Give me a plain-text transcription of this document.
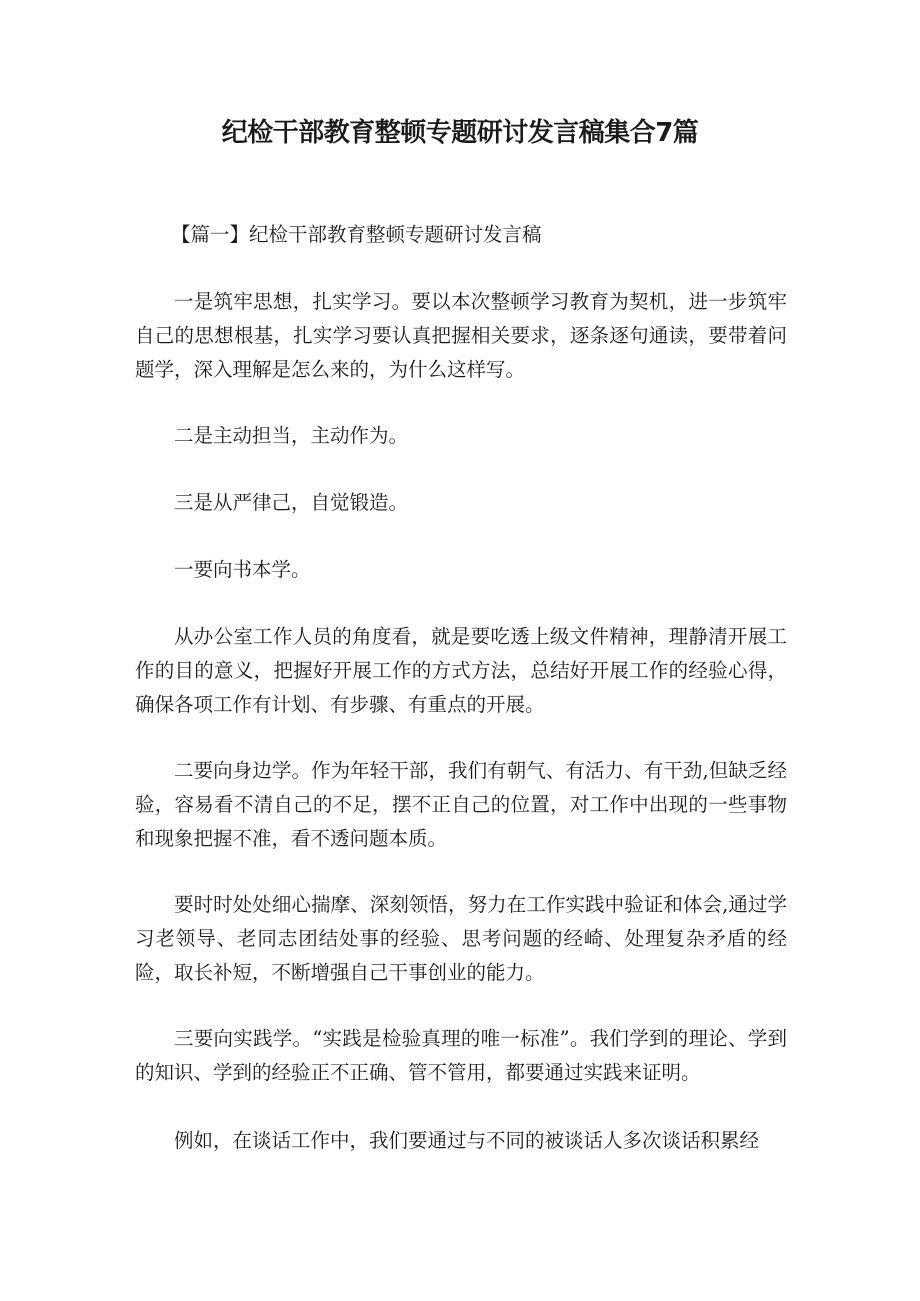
纪检干部教育整顿专题研讨发言稿集合7篇
【篇一】纪检干部教育整顿专题研讨发言稿

一是筑牢思想，扎实学习。要以本次整顿学习教育为契机，进一步筑牢自己的思想根基，扎实学习要认真把握相关要求，逐条逐句通读，要带着问题学，深入理解是怎么来的，为什么这样写。

二是主动担当，主动作为。

三是从严律己，自觉锻造。

一要向书本学。

从办公室工作人员的角度看，就是要吃透上级文件精神，理静清开展工作的目的意义，把握好开展工作的方式方法，总结好开展工作的经验心得，确保各项工作有计划、有步骤、有重点的开展。

二要向身边学。作为年轻干部，我们有朝气、有活力、有干劲,但缺乏经验，容易看不清自己的不足，摆不正自己的位置，对工作中出现的一些事物和现象把握不准，看不透问题本质。

要时时处处细心揣摩、深刻领悟，努力在工作实践中验证和体会,通过学习老领导、老同志团结处事的经验、思考问题的经崎、处理复杂矛盾的经险，取长补短，不断增强自己干事创业的能力。

三要向实践学。“实践是检验真理的唯一标准”。我们学到的理论、学到的知识、学到的经验正不正确、管不管用，都要通过实践来证明。

例如，在谈话工作中，我们要通过与不同的被谈话人多次谈话积累经
